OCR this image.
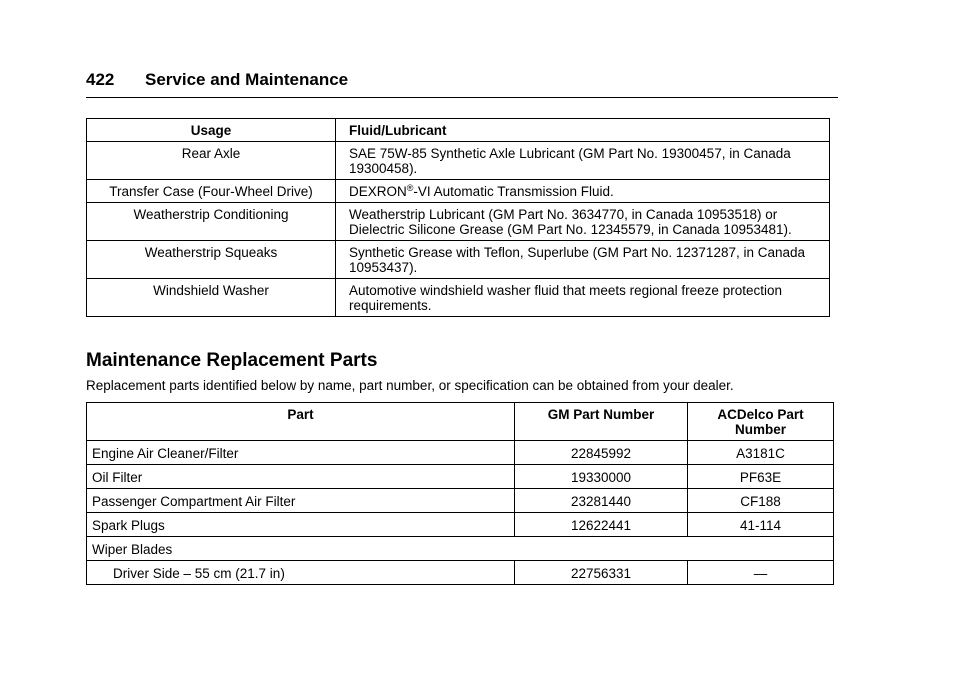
422	Service and Maintenance
Usage	Fluid/Lubricant
Rear Axle	SAE 75W-85 Synthetic Axle Lubricant (GM Part No. 19300457, in Canada 19300458).
Transfer Case (Four-Wheel Drive)	DEXRON®-VI Automatic Transmission Fluid.
Weatherstrip Conditioning	Weatherstrip Lubricant (GM Part No. 3634770, in Canada 10953518) or Dielectric Silicone Grease (GM Part No. 12345579, in Canada 10953481).
Weatherstrip Squeaks	Synthetic Grease with Teflon, Superlube (GM Part No. 12371287, in Canada 10953437).
Windshield Washer	Automotive windshield washer fluid that meets regional freeze protection requirements.
Maintenance Replacement Parts
Replacement parts identified below by name, part number, or specification can be obtained from your dealer.
Part	GM Part Number	ACDelco Part Number
Engine Air Cleaner/Filter	22845992	A3181C
Oil Filter	19330000	PF63E
Passenger Compartment Air Filter	23281440	CF188
Spark Plugs	12622441	41-114
Wiper Blades		
Driver Side – 55 cm (21.7 in)	22756331	—
